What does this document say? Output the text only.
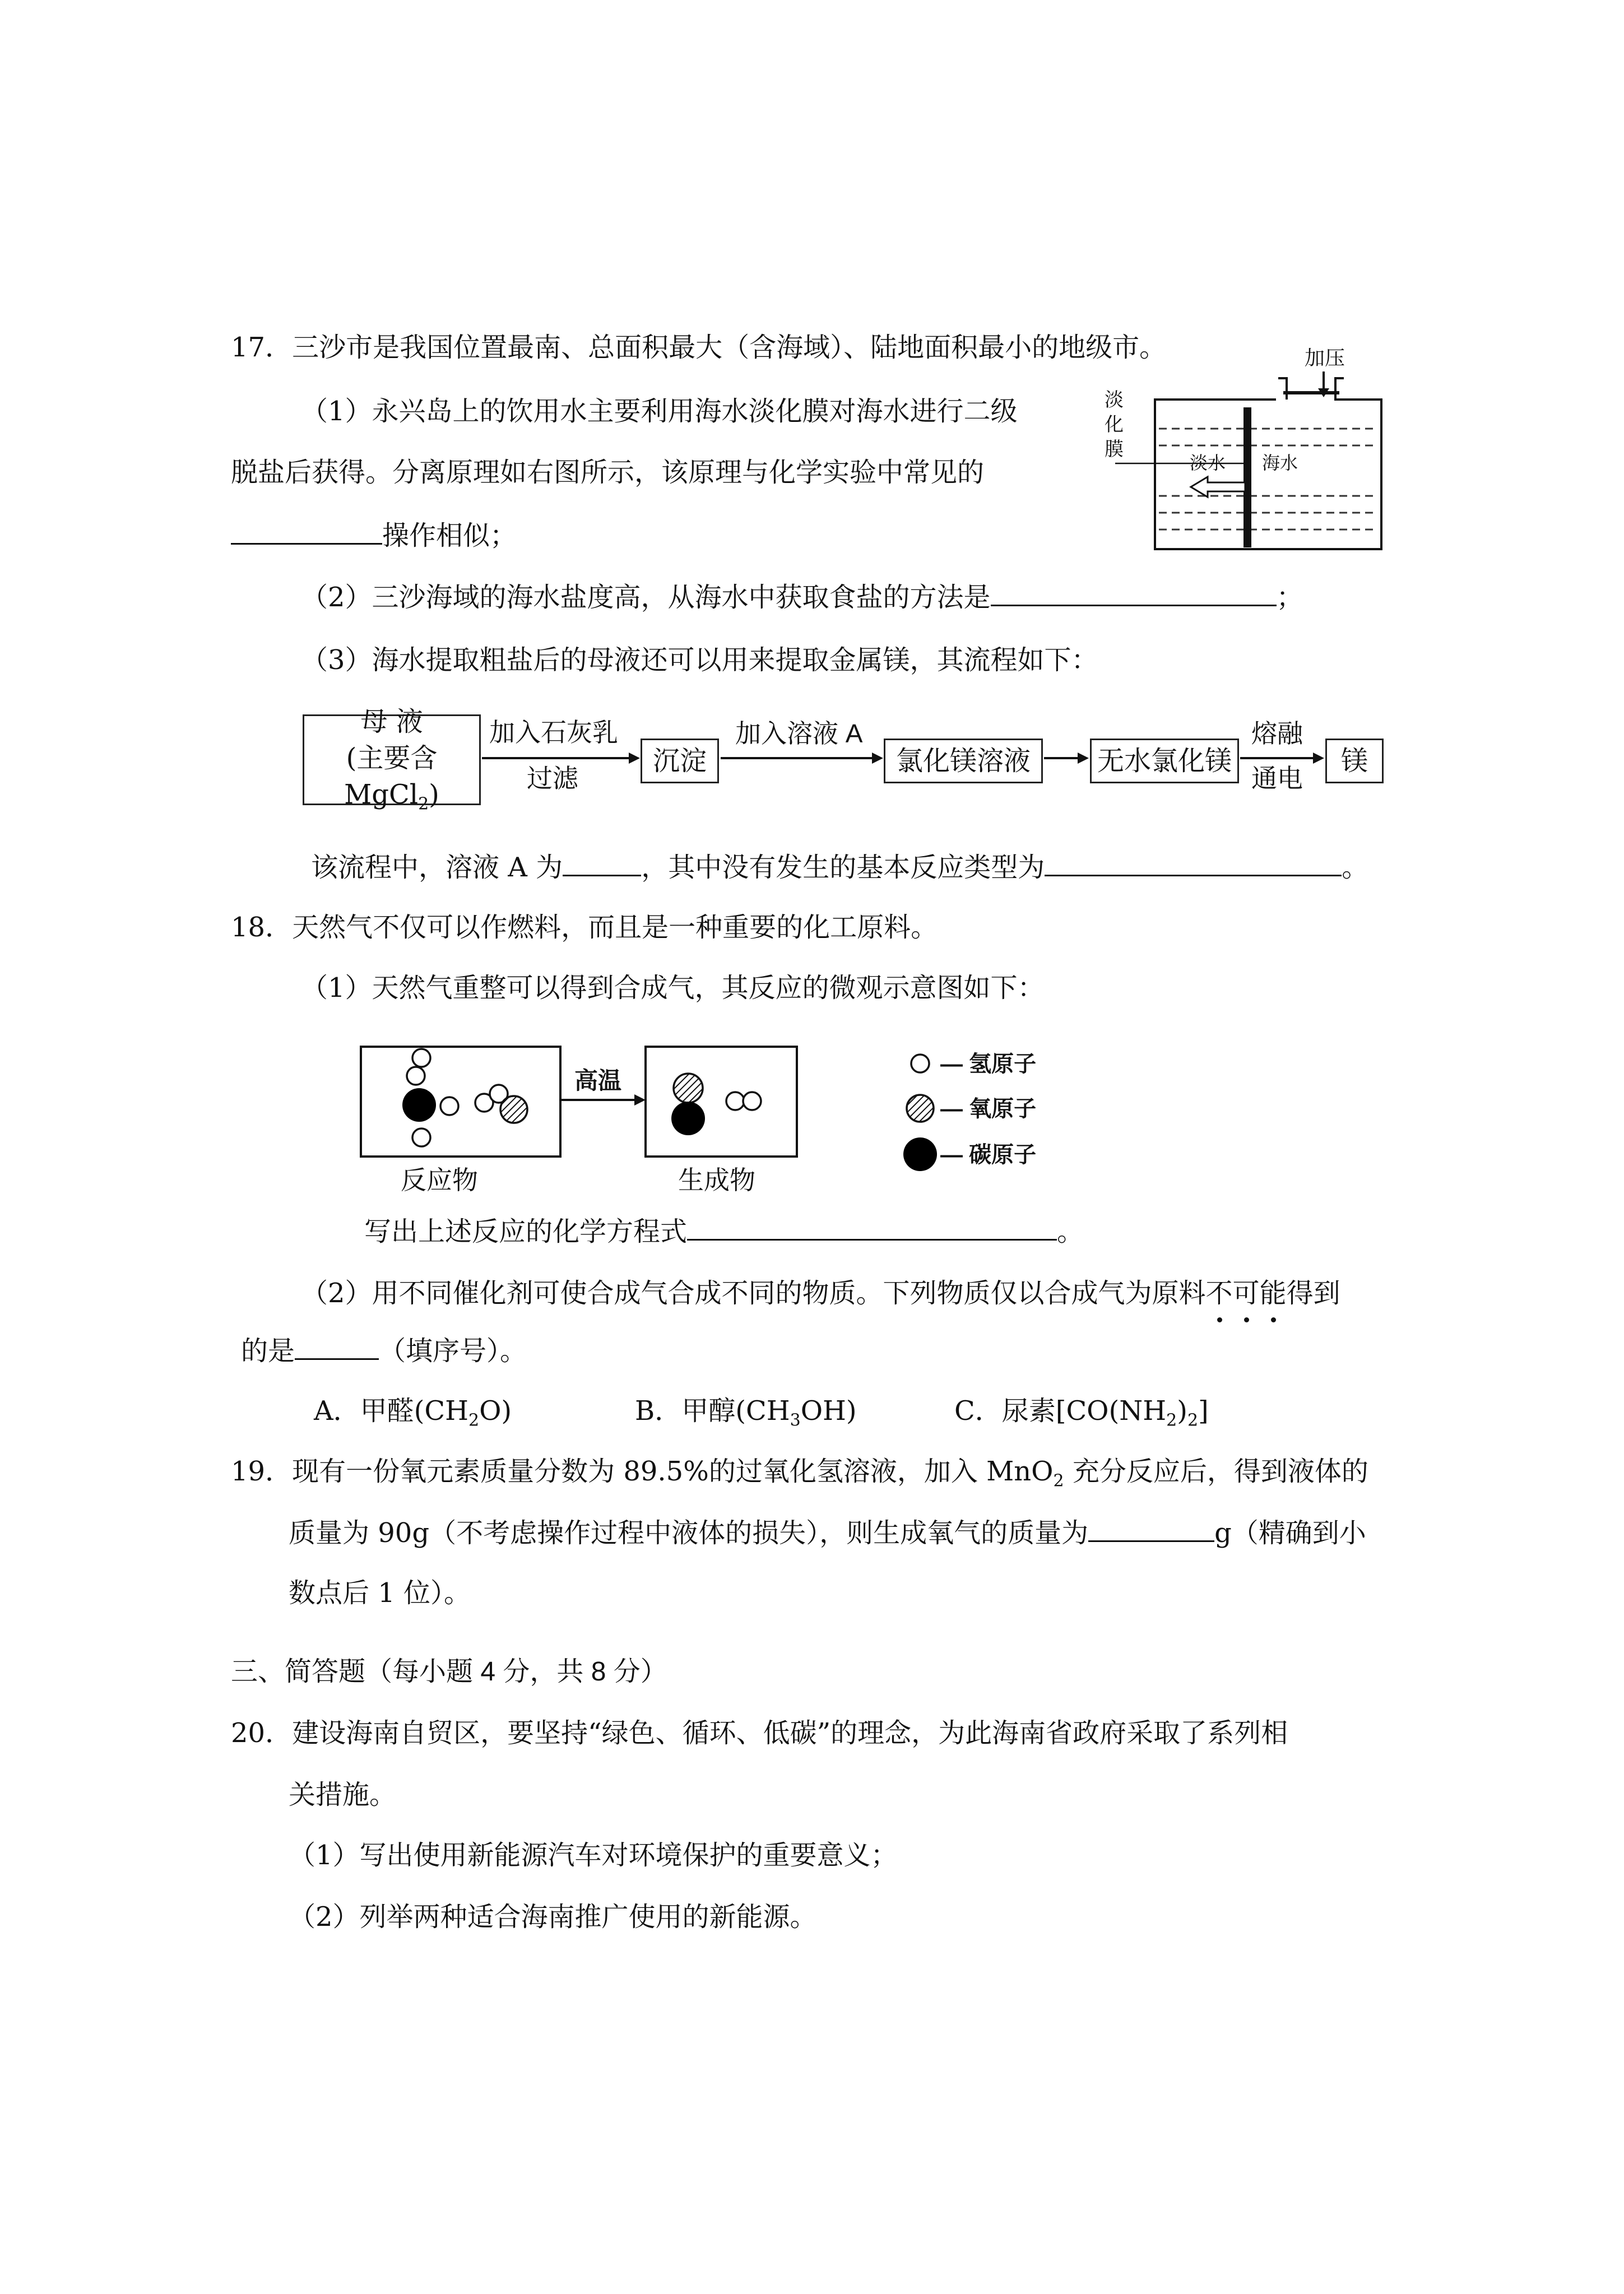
17．三沙市是我国位置最南、总面积最大（含海域）、陆地面积最小的地级市。
（1）永兴岛上的饮用水主要利用海水淡化膜对海水进行二级
脱盐后获得。分离原理如右图所示，该原理与化学实验中常见的
操作相似；
加压
淡水 海水
淡
化
膜
（2）三沙海域的海水盐度高，从海水中获取食盐的方法是	；
（3）海水提取粗盐后的母液还可以用来提取金属镁，其流程如下：
母 液
(主要含 MgCl$_2$)
加入石灰乳
过滤
沉淀
加入溶液 A
氯化镁溶液	无水氯化镁
熔融
通电
镁
该流程中，溶液 A 为	，其中没有发生的基本反应类型为	。
18．天然气不仅可以作燃料，而且是一种重要的化工原料。
（1）天然气重整可以得到合成气，其反应的微观示意图如下：
高温
反应物	生成物
— 氢原子
— 氧原子
— 碳原子
写出上述反应的化学方程式	。
（2）用不同催化剂可使合成气合成不同的物质。下列物质仅以合成气为原料不可能得到
的是	（填序号）。
A．甲醛$(CH_2O)$	B．甲醇$(CH_3OH)$	C．尿素$[CO(NH_2)_2]$
19．现有一份氧元素质量分数为 89.5%的过氧化氢溶液，加入 MnO$_2$ 充分反应后，得到液体的
质量为 90g（不考虑操作过程中液体的损失），则生成氧气的质量为	g（精确到小
数点后 1 位）。
三、简答题（每小题 4 分，共 8 分）
20．建设海南自贸区，要坚持“绿色、循环、低碳”的理念，为此海南省政府采取了系列相
关措施。
（1）写出使用新能源汽车对环境保护的重要意义；
（2）列举两种适合海南推广使用的新能源。
